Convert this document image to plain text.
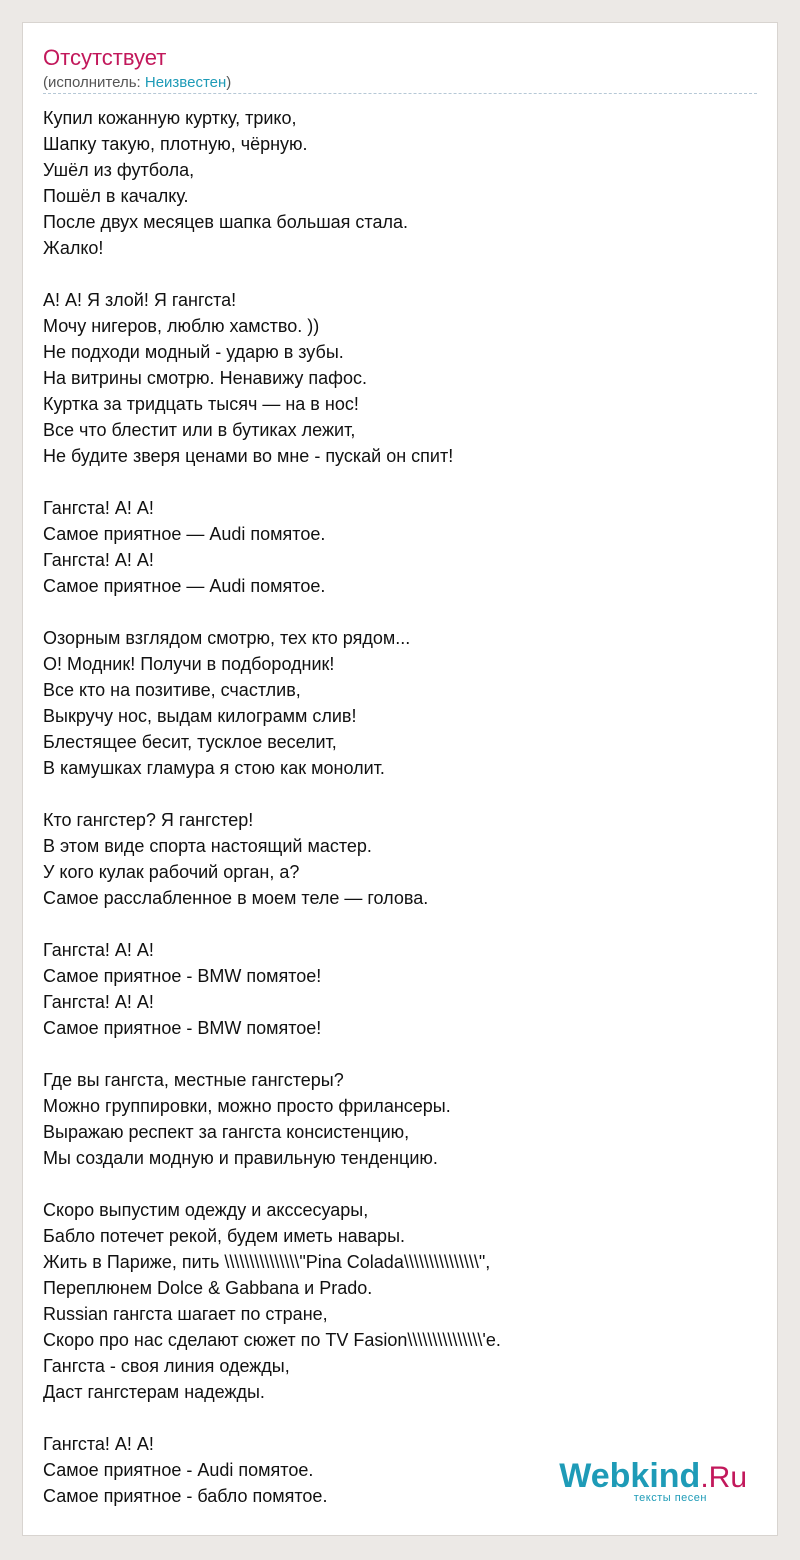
Отсутствует
(исполнитель: Неизвестен)
Купил кожанную куртку, трико,
Шапку такую, плотную, чёрную.
Ушёл из футбола,
Пошёл в качалку.
После двух месяцев шапка большая стала.
Жалко!
А! А! Я злой! Я гангста!
Мочу нигеров, люблю хамство. ))
Не подходи модный - ударю в зубы.
На витрины смотрю. Ненавижу пафос.
Куртка за тридцать тысяч — на в нос!
Все что блестит или в бутиках лежит,
Не будите зверя ценами во мне - пускай он спит!
Гангста! А! А!
Самое приятное — Audi помятое.
Гангста! А! А!
Самое приятное — Audi помятое.
Озорным взглядом смотрю, тех кто рядом...
О! Модник! Получи в подбородник!
Все кто на позитиве, счастлив,
Выкручу нос, выдам килограмм слив!
Блестящее бесит, тусклое веселит,
В камушках гламура я стою как монолит.
Кто гангстер? Я гангстер!
В этом виде спорта настоящий мастер.
У кого кулак рабочий орган, а?
Самое расслабленное в моем теле — голова.
Гангста! А! А!
Самое приятное - BMW помятое!
Гангста! А! А!
Самое приятное - BMW помятое!
Где вы гангста, местные гангстеры?
Можно группировки, можно просто фрилансеры.
Выражаю респект за гангста консистенцию,
Мы создали модную и правильную тенденцию.
Скоро выпустим одежду и акссесуары,
Бабло потечет рекой, будем иметь навары.
Жить в Париже, пить \\\\\\\\\\\\\\\"Pina Colada\\\\\\\\\\\\\\\",
Переплюнем Dolce & Gabbana и Prado.
Russian гангста шагает по стране,
Скоро про нас сделают сюжет по TV Fasion\\\\\\\\\\\\\\\'е.
Гангста - своя линия одежды,
Даст гангстерам надежды.
Гангста! А! А!
Самое приятное - Audi помятое.
Самое приятное - бабло помятое.
Webkind.Ru
тексты песен
